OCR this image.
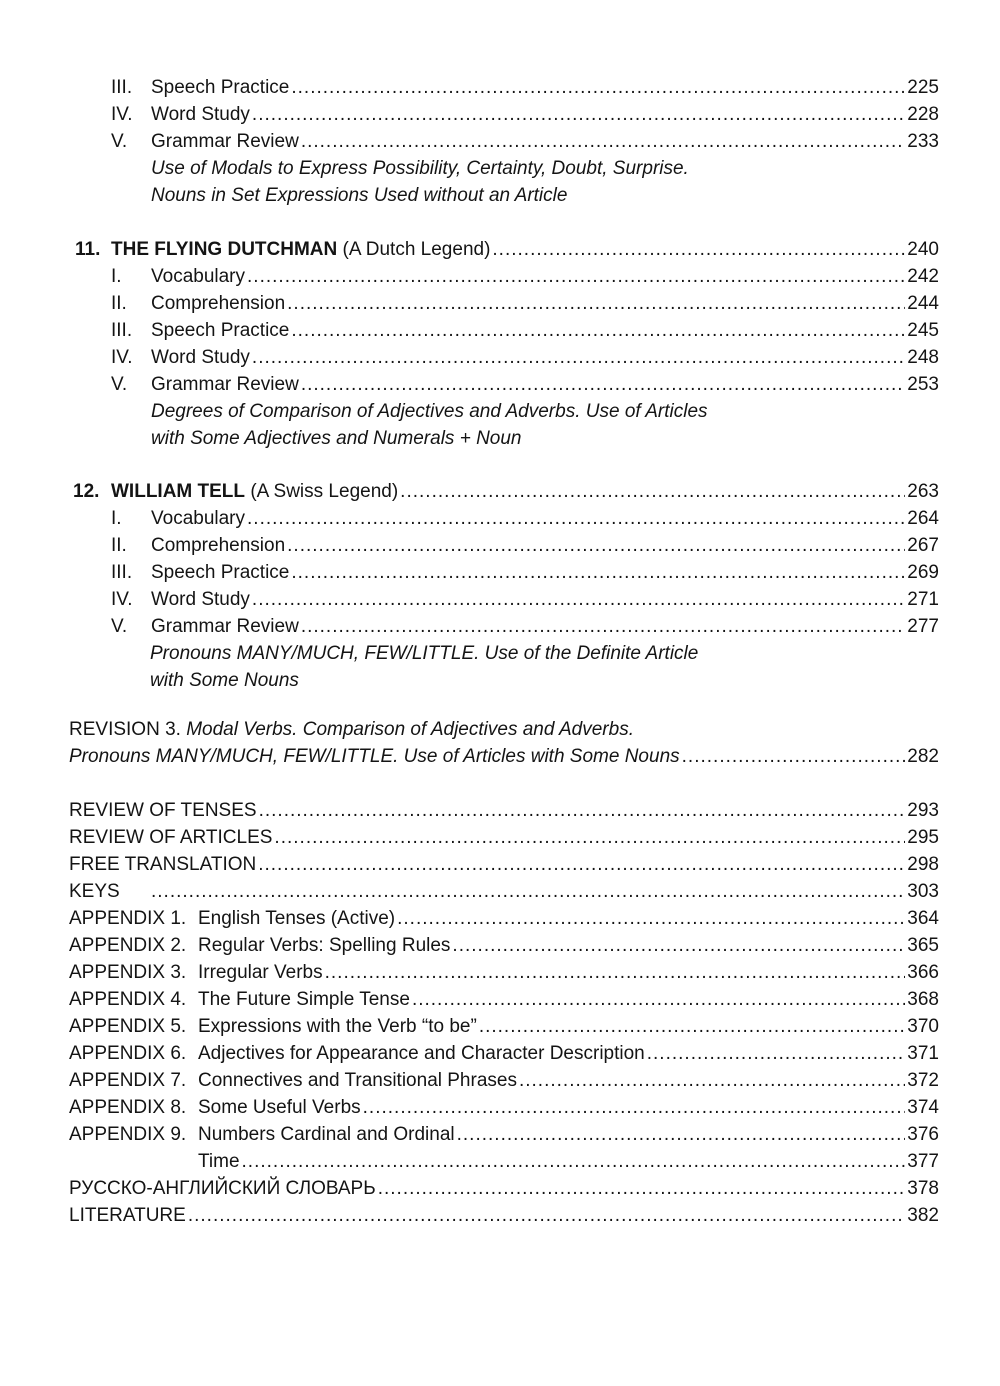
III. Speech Practice .....	225
IV. Word Study .....	228
V.	Grammar Review .....	233
Use of Modals to Express Possibility, Certainty, Doubt, Surprise.
Nouns in Set Expressions Used without an Article
11. THE FLYING DUTCHMAN (A Dutch Legend) .....	240
I.	Vocabulary .....	242
II.	Comprehension .....	244
III. Speech Practice .....	245
IV. Word Study .....	248
V.	Grammar Review .....	253
Degrees of Comparison of Adjectives and Adverbs. Use of Articles
with Some Adjectives and Numerals + Noun
12. WILLIAM TELL (A Swiss Legend) .....	263
I.	Vocabulary .....	264
II.	Comprehension .....	267
III. Speech Practice .....	269
IV. Word Study .....	271
V.	Grammar Review .....	277
Pronouns MANY/MUCH, FEW/LITTLE. Use of the Definite Article
with Some Nouns
REVISION 3. Modal Verbs. Comparison of Adjectives and Adverbs.
Pronouns MANY/MUCH, FEW/LITTLE. Use of Articles with Some Nouns .....	282
REVIEW OF TENSES .....	293
REVIEW OF ARTICLES .....	295
FREE TRANSLATION .....	298
KEYS .....	303
APPENDIX 1. English Tenses (Active) .....	364
APPENDIX 2. Regular Verbs: Spelling Rules .....	365
APPENDIX 3. Irregular Verbs .....	366
APPENDIX 4. The Future Simple Tense .....	368
APPENDIX 5. Expressions with the Verb “to be” .....	370
APPENDIX 6. Adjectives for Appearance and Character Description .....	371
APPENDIX 7. Connectives and Transitional Phrases .....	372
APPENDIX 8. Some Useful Verbs .....	374
APPENDIX 9. Numbers Cardinal and Ordinal .....	376
Time .....	377
РУССКО-АНГЛИЙСКИЙ СЛОВАРЬ .....	378
LITERATURE .....	382
